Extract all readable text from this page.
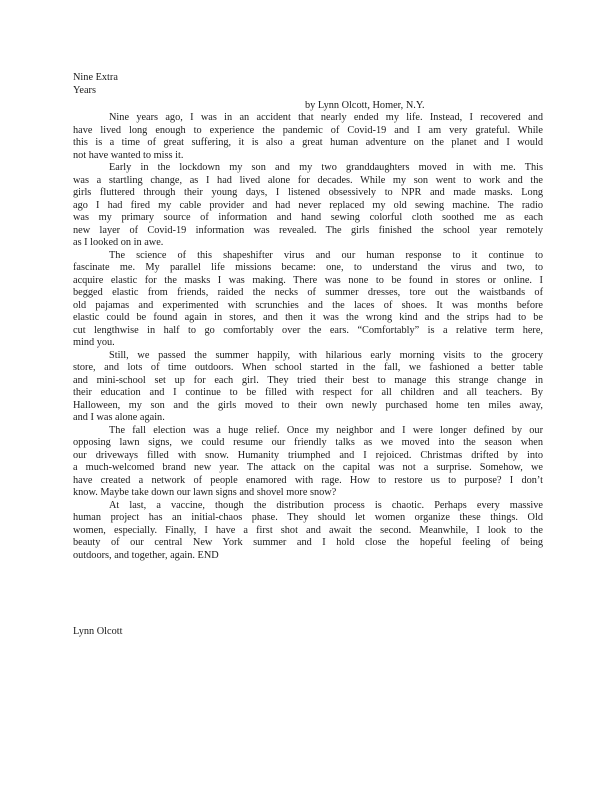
Nine Extra
Years
by Lynn Olcott, Homer, N.Y.
Nine years ago, I was in an accident that nearly ended my life. Instead, I recovered and
have lived long enough to experience the pandemic of Covid-19 and I am very grateful. While
this is a time of great suffering, it is also a great human adventure on the planet and I would
not have wanted to miss it.
Early in the lockdown my son and my two granddaughters moved in with me. This
was a startling change, as I had lived alone for decades. While my son went to work and the
girls fluttered through their young days, I listened obsessively to NPR and made masks. Long
ago I had fired my cable provider and had never replaced my old sewing machine. The radio
was my primary source of information and hand sewing colorful cloth soothed me as each
new layer of Covid-19 information was revealed. The girls finished the school year remotely
as I looked on in awe.
The science of this shapeshifter virus and our human response to it continue to
fascinate me. My parallel life missions became: one, to understand the virus and two, to
acquire elastic for the masks I was making. There was none to be found in stores or online. I
begged elastic from friends, raided the necks of summer dresses, tore out the waistbands of
old pajamas and experimented with scrunchies and the laces of shoes. It was months before
elastic could be found again in stores, and then it was the wrong kind and the strips had to be
cut lengthwise in half to go comfortably over the ears. “Comfortably” is a relative term here,
mind you.
Still, we passed the summer happily, with hilarious early morning visits to the grocery
store, and lots of time outdoors. When school started in the fall, we fashioned a better table
and mini-school set up for each girl. They tried their best to manage this strange change in
their education and I continue to be filled with respect for all children and all teachers. By
Halloween, my son and the girls moved to their own newly purchased home ten miles away,
and I was alone again.
The fall election was a huge relief. Once my neighbor and I were longer defined by our
opposing lawn signs, we could resume our friendly talks as we moved into the season when
our driveways filled with snow. Humanity triumphed and I rejoiced. Christmas drifted by into
a much-welcomed brand new year. The attack on the capital was not a surprise. Somehow, we
have created a network of people enamored with rage. How to restore us to purpose? I don’t
know. Maybe take down our lawn signs and shovel more snow?
At last, a vaccine, though the distribution process is chaotic. Perhaps every massive
human project has an initial-chaos phase. They should let women organize these things. Old
women, especially. Finally, I have a first shot and await the second. Meanwhile, I look to the
beauty of our central New York summer and I hold close the hopeful feeling of being
outdoors, and together, again. END
Lynn Olcott
